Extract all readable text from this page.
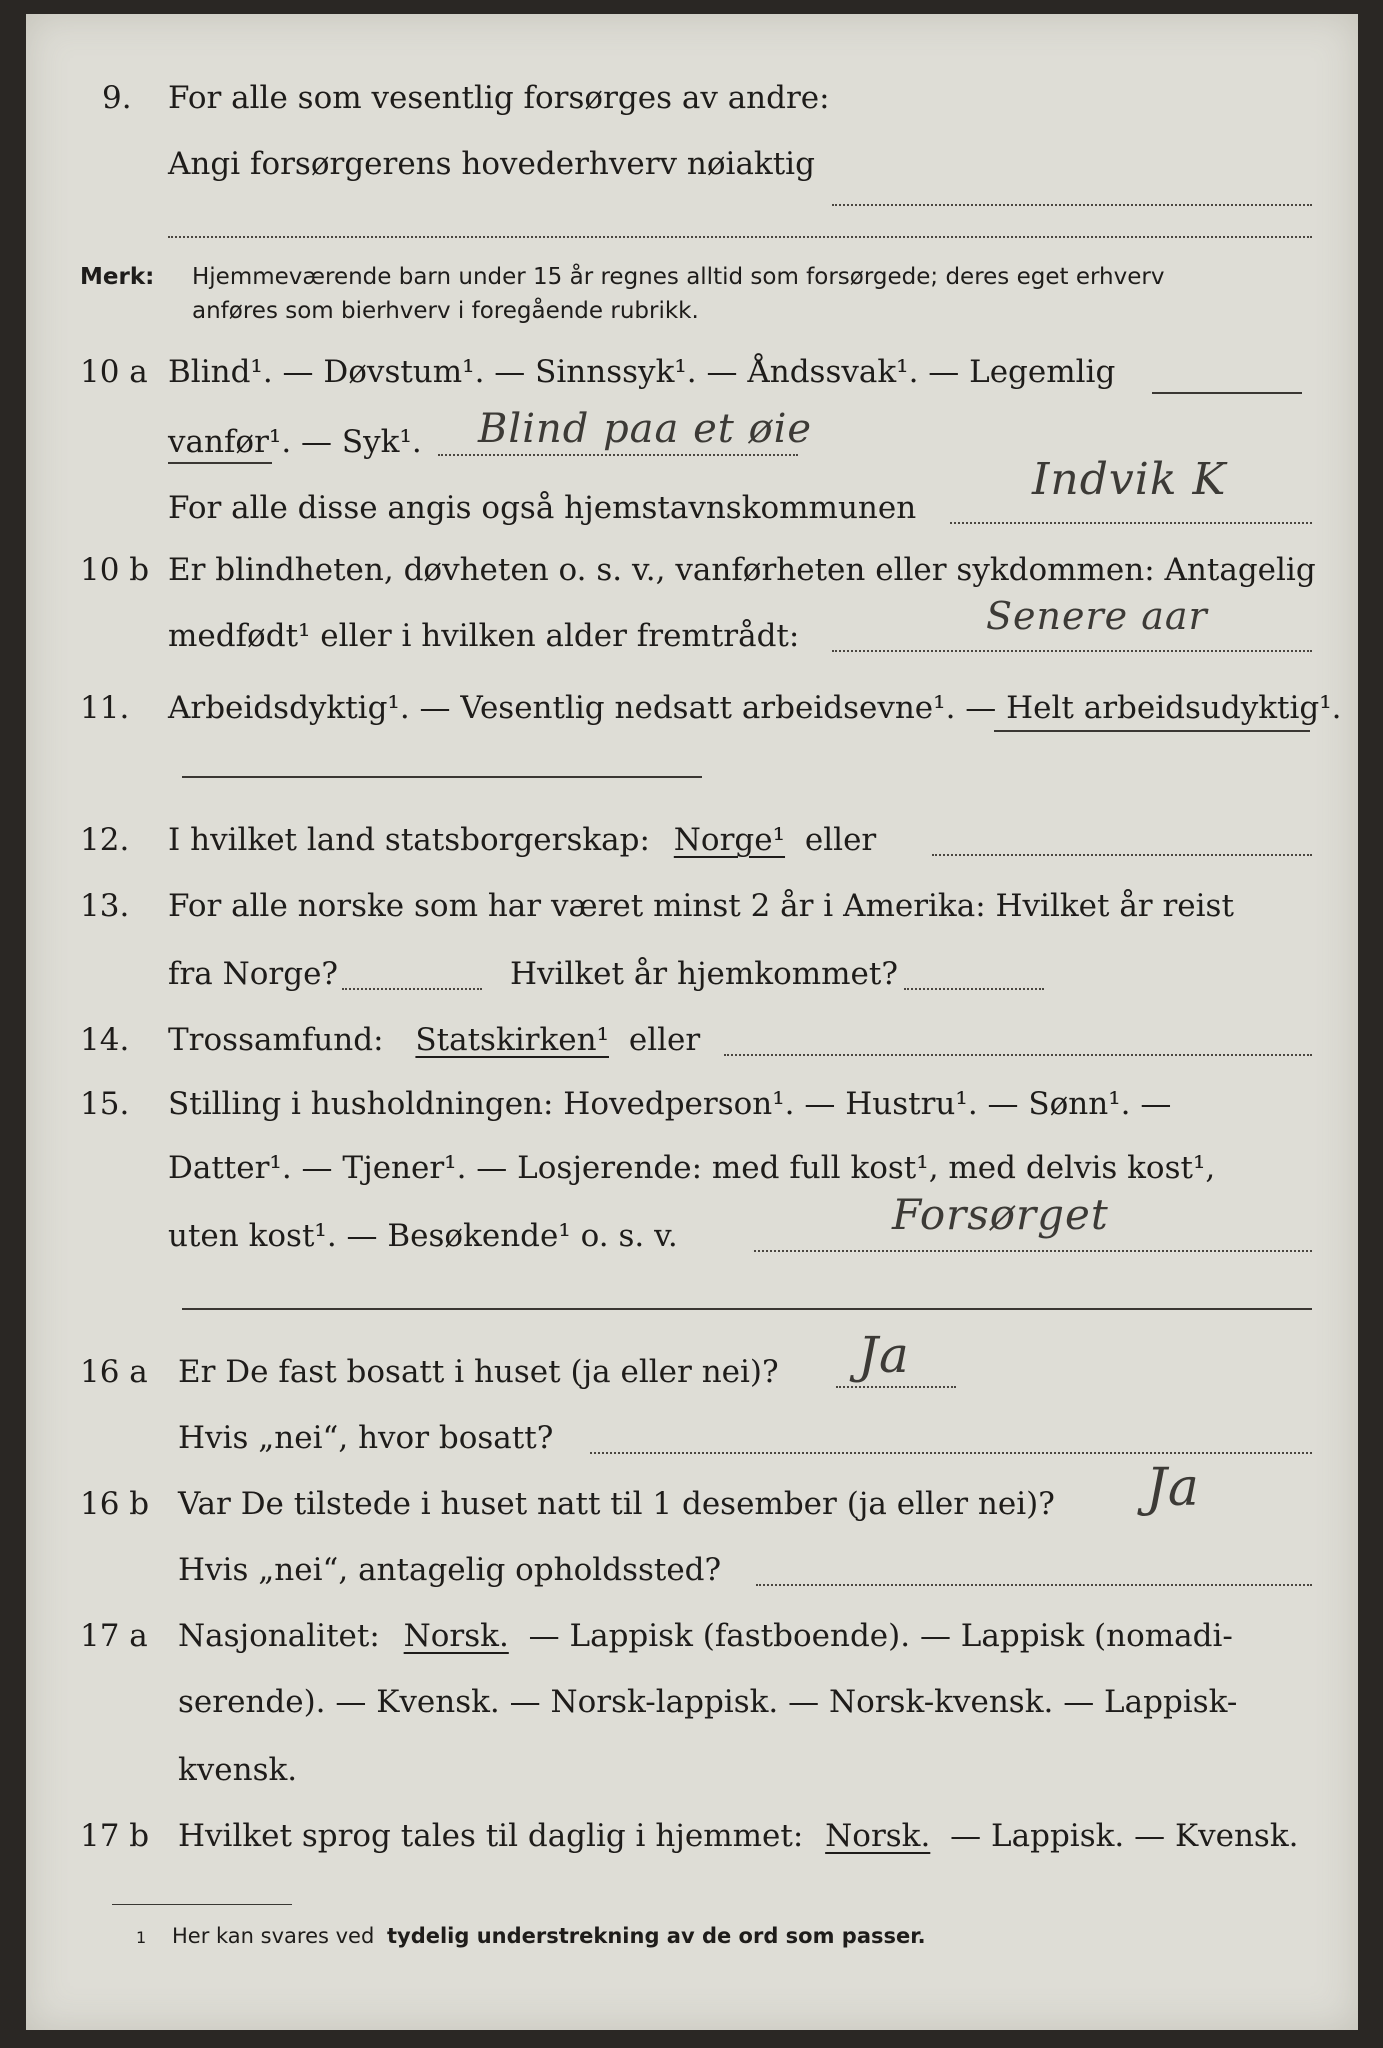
9. For alle som vesentlig forsørges av andre:
Angi forsørgerens hovederhverv nøiaktig
Merk: Hjemmeværende barn under 15 år regnes alltid som forsørgede; deres eget erhverv
anføres som bierhverv i foregående rubrikk.
10 a Blind¹. — Døvstum¹. — Sinnssyk¹. — Åndssvak¹. — Legemlig
vanfør¹. — Syk¹. Blind paa et øie
For alle disse angis også hjemstavnskommunen
Indvik K
10 b Er blindheten, døvheten o. s. v., vanførheten eller sykdommen: Antagelig
medfødt¹ eller i hvilken alder fremtrådt:	Senere aar
11. Arbeidsdyktig¹. — Vesentlig nedsatt arbeidsevne¹. — Helt arbeidsudyktig¹.
12. I hvilket land statsborgerskap: Norge¹ eller
13. For alle norske som har været minst 2 år i Amerika: Hvilket år reist
fra Norge?	Hvilket år hjemkommet?
14. Trossamfund: Statskirken¹ eller
15. Stilling i husholdningen: Hovedperson¹. — Hustru¹. — Sønn¹. —
Datter¹. — Tjener¹. — Losjerende: med full kost¹, med delvis kost¹,
uten kost¹. — Besøkende¹ o. s. v.	Forsørget
16 a Er De fast bosatt i huset (ja eller nei)? Ja
Hvis „nei“, hvor bosatt?
16 b Var De tilstede i huset natt til 1 desember (ja eller nei)? Ja
Hvis „nei“, antagelig opholdssted?
17 a Nasjonalitet: Norsk. — Lappisk (fastboende). — Lappisk (nomadi-
serende). — Kvensk. — Norsk-lappisk. — Norsk-kvensk. — Lappisk-
kvensk.
17 b Hvilket sprog tales til daglig i hjemmet: Norsk. — Lappisk. — Kvensk.
1 Her kan svares ved tydelig understrekning av de ord som passer.
